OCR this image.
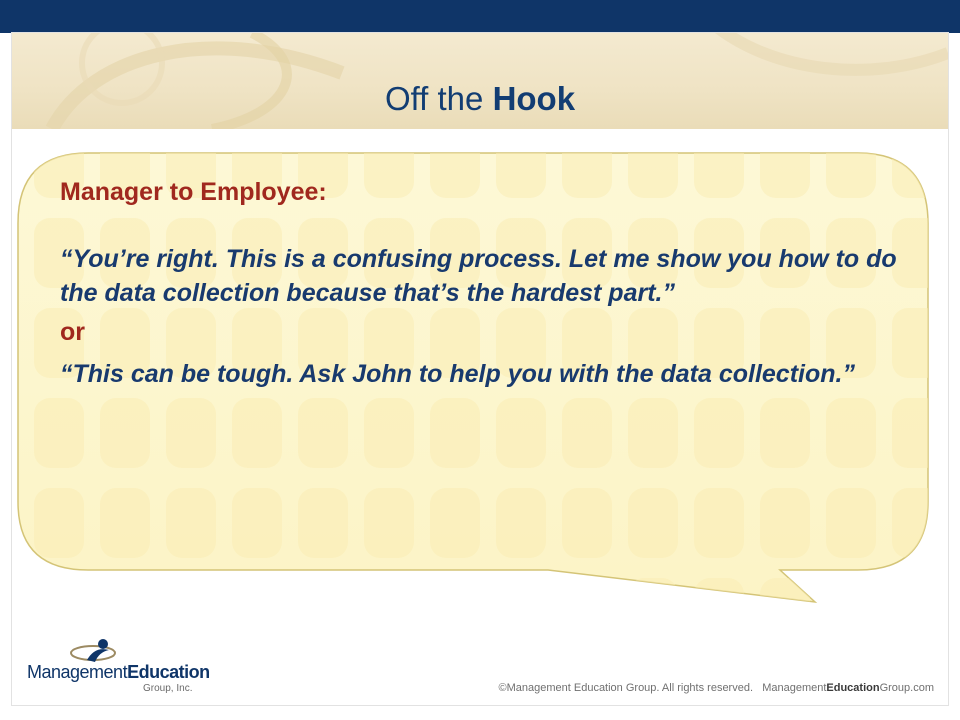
Off the Hook

Manager to Employee:

“You’re right. This is a confusing process. Let me show you how to do the data collection because that’s the hardest part.”

or

“This can be tough. Ask John to help you with the data collection.”

ManagementEducation
Group, Inc.	©Management Education Group. All rights reserved. ManagementEducationGroup.com
